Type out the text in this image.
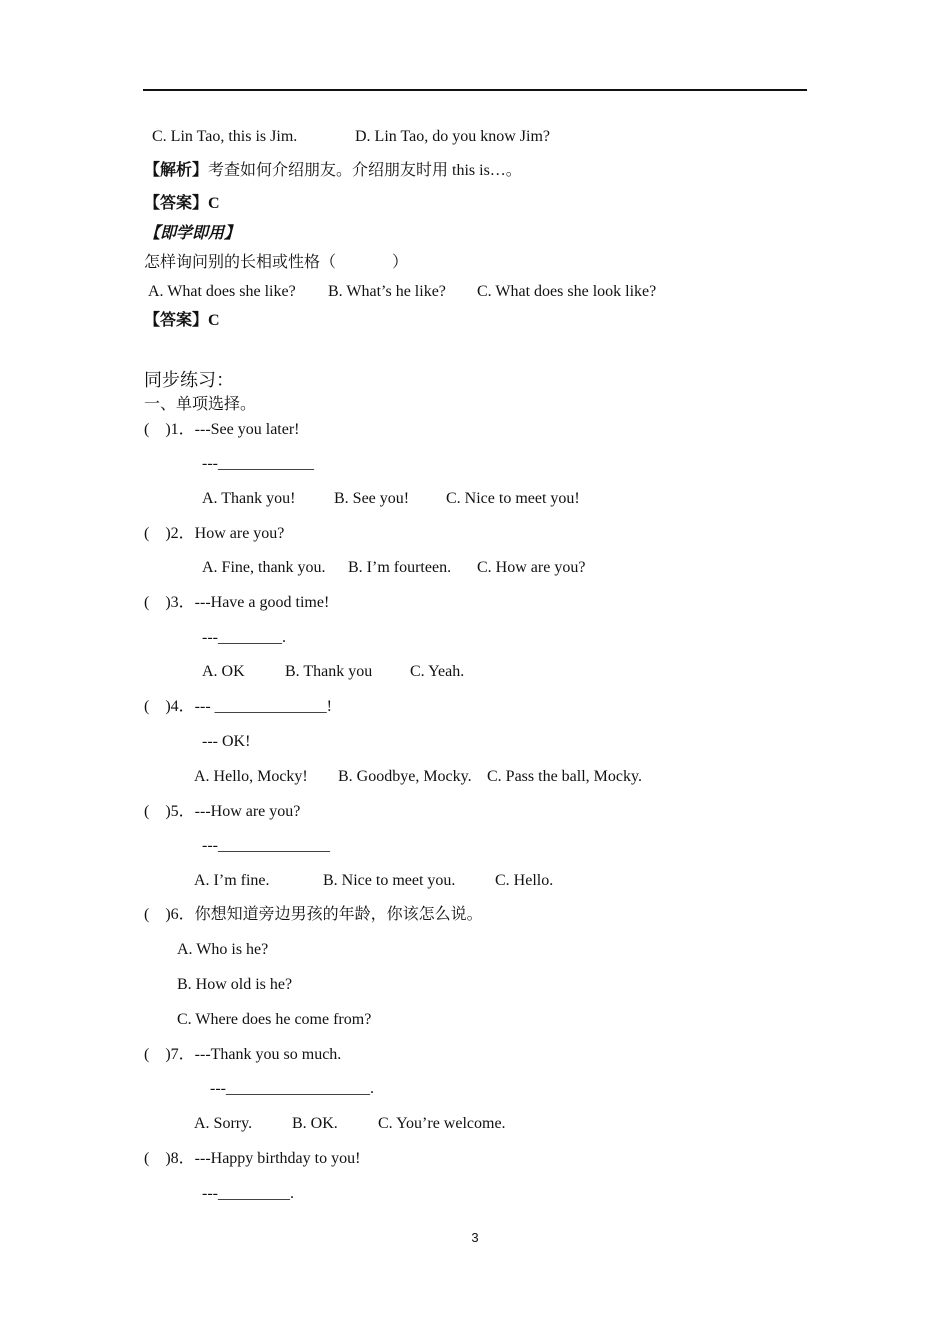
C. Lin Tao, this is Jim.	D. Lin Tao, do you know Jim?
【解析】考查如何介绍朋友。介绍朋友时用 this is…。
【答案】C
【即学即用】
怎样询问别的长相或性格（              ）
A. What does she like? B. What’s he like? C. What does she look like?
【答案】C
同步练习：
一、单项选择。
(    )1．---See you later!
---____________
A. Thank you! B. See you! C. Nice to meet you!
(    )2．How are you?
A. Fine, thank you. B. I’m fourteen. C. How are you?
(    )3．---Have a good time!
---________.
A. OK	B. Thank you C. Yeah.
(    )4．--- ______________!
--- OK!
A. Hello, Mocky! B. Goodbye, Mocky. C. Pass the ball, Mocky.
(    )5．---How are you?
---______________
A. I’m fine.	B. Nice to meet you. C. Hello.
(    )6．你想知道旁边男孩的年龄，你该怎么说。
A. Who is he?
B. How old is he?
C. Where does he come from?
(    )7．---Thank you so much.
---__________________.
A. Sorry. B. OK.	C. You’re welcome.
(    )8．---Happy birthday to you!
---_________.
3
